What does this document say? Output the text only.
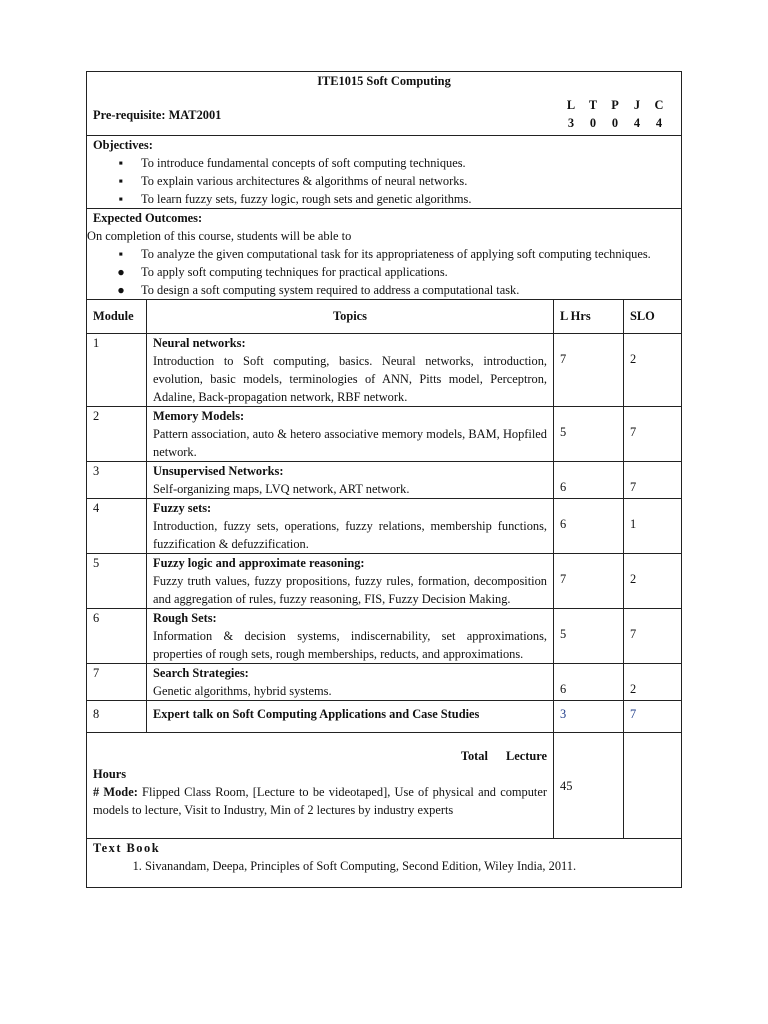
ITE1015 Soft Computing
Pre-requisite: MAT2001
L	T	P	J	C
3	0	0	4	4
Objectives:
▪	To introduce fundamental concepts of soft computing techniques.
▪	To explain various architectures & algorithms of neural networks.
▪	To learn fuzzy sets, fuzzy logic, rough sets and genetic algorithms.
Expected Outcomes:
On completion of this course, students will be able to
▪	To analyze the given computational task for its appropriateness of applying soft computing techniques.
● To apply soft computing techniques for practical applications.
● To design a soft computing system required to address a computational task.
Module	Topics	L Hrs	SLO
1	Neural networks:
Introduction to Soft computing, basics. Neural networks, introduction, evolution, basic models, terminologies of ANN, Pitts model, Perceptron, Adaline, Back-propagation network, RBF network.
7	2
2	Memory Models:
Pattern association, auto & hetero associative memory models, BAM, Hopfiled network.
5	7
3	Unsupervised Networks:
Self-organizing maps, LVQ network, ART network.	6	7
4	Fuzzy sets:
Introduction, fuzzy sets, operations, fuzzy relations, membership functions, fuzzification & defuzzification.
6	1
5	Fuzzy logic and approximate reasoning:
Fuzzy truth values, fuzzy propositions, fuzzy rules, formation, decomposition and aggregation of rules, fuzzy reasoning, FIS, Fuzzy Decision Making.
7	2
6	Rough Sets:
Information & decision systems, indiscernability, set approximations, properties of rough sets, rough memberships, reducts, and approximations.
5	7
7	Search Strategies:
Genetic algorithms, hybrid systems.	6	2
8	Expert talk on Soft Computing Applications and Case Studies	3	7
Total Lecture
Hours
# Mode: Flipped Class Room, [Lecture to be videotaped], Use of physical and computer models to lecture, Visit to Industry, Min of 2 lectures by industry experts
45
Text Book
1. Sivanandam, Deepa, Principles of Soft Computing, Second Edition, Wiley India, 2011.
